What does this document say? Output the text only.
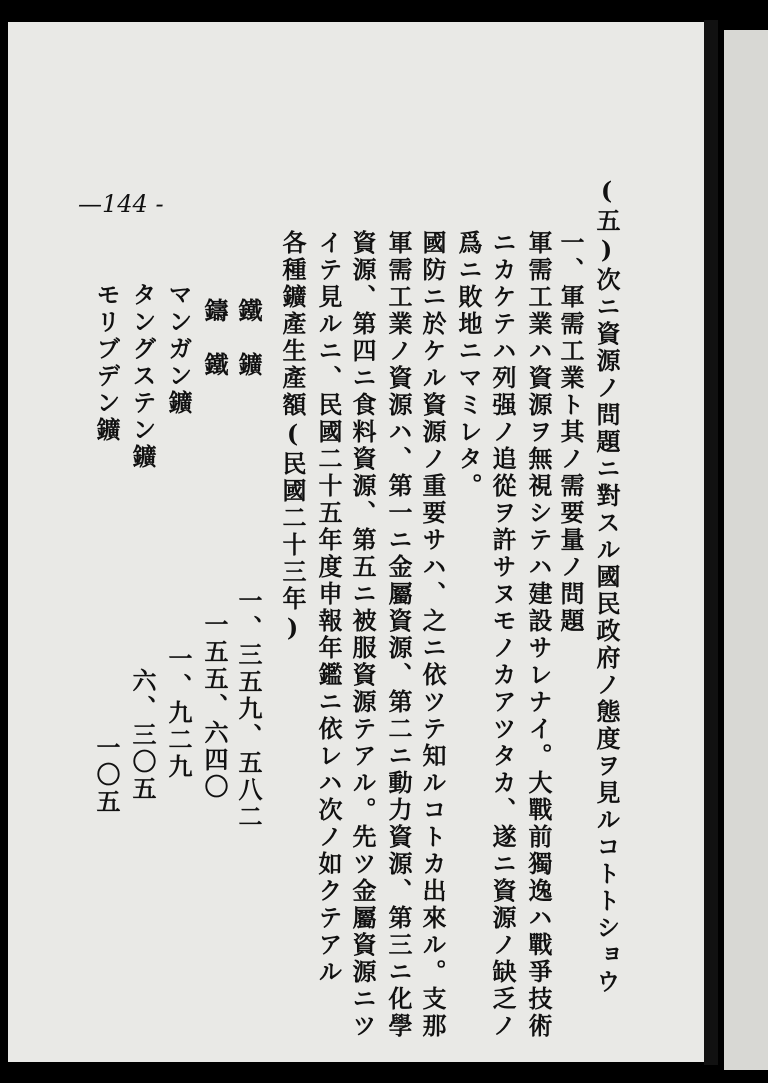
—144 -	(五)次ニ資源ノ問題ニ對スル國民政府ノ態度ヲ見ルコトトショウ
一、軍需工業ト其ノ需要量ノ問題
軍需工業ハ資源ヲ無視シテハ建設サレナイ。大戰前獨逸ハ戰爭技術
ニカケテハ列强ノ追從ヲ許サヌモノカアツタカ、遂ニ資源ノ缺乏ノ
爲ニ敗地ニマミレタ。
國防ニ於ケル資源ノ重要サハ、之ニ依ツテ知ルコトカ出來ル。支那
軍需工業ノ資源ハ、第一ニ金屬資源、第二ニ動力資源、第三ニ化學
資源、第四ニ食料資源、第五ニ被服資源テアル。先ツ金屬資源ニツ
イテ見ルニ、民國二十五年度申報年鑑ニ依レハ次ノ如クテアル
各種鑛產生產額(民國二十三年)
鐵　鑛
鑄　鐵
マンガン鑛
タングステン鑛
モリブデン鑛
一、三五九、五八二
一五五、六四〇
一、九二九
六、三〇五
一〇五
